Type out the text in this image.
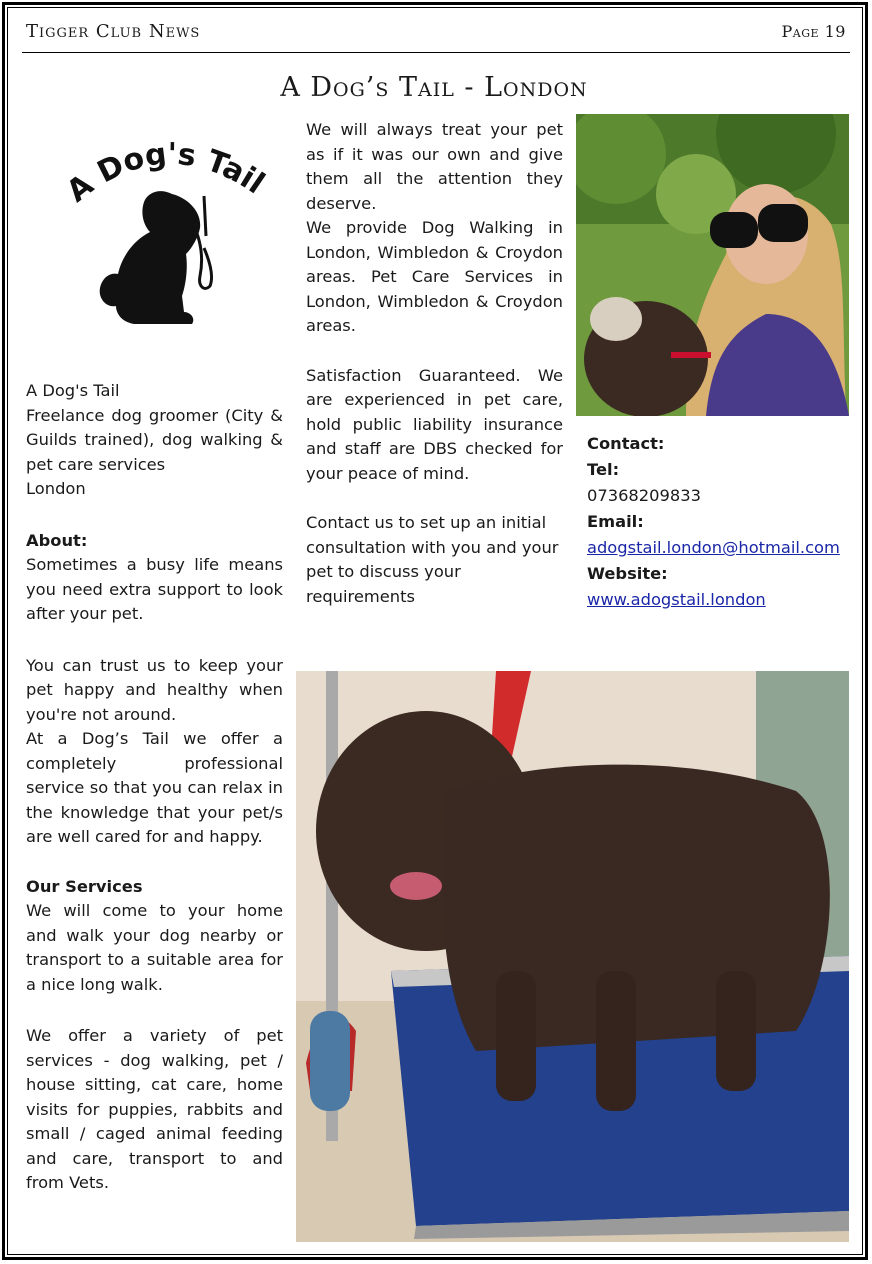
Tigger Club News	Page 19
A Dog’s Tail - London
A Dog's Tail

A Dog's Tail

Freelance dog groomer (City & Guilds trained), dog walking & pet care services

London

About:

Sometimes a busy life means you need extra support to look after your pet.

You can trust us to keep your pet happy and healthy when you're not around.

At a Dog’s Tail we offer a completely professional service so that you can relax in the knowledge that your pet/s are well cared for and happy.

Our Services

We will come to your home and walk your dog nearby or transport to a suitable area for a nice long walk.

We offer a variety of pet services - dog walking, pet / house sitting, cat care, home visits for puppies, rabbits and small / caged animal feeding and care, transport to and from Vets.

We will always treat your pet as if it was our own and give them all the attention they deserve.

We provide Dog Walking in London, Wimbledon & Croydon areas. Pet Care Services in London, Wimbledon & Croydon areas.

Satisfaction Guaranteed. We are experienced in pet care, hold public liability insurance and staff are DBS checked for your peace of mind.

Contact us to set up an initial consultation with you and your pet to discuss your requirements

Contact:

Tel:

07368209833

Email:

adogstail.london@hotmail.com

Website:

www.adogstail.london
